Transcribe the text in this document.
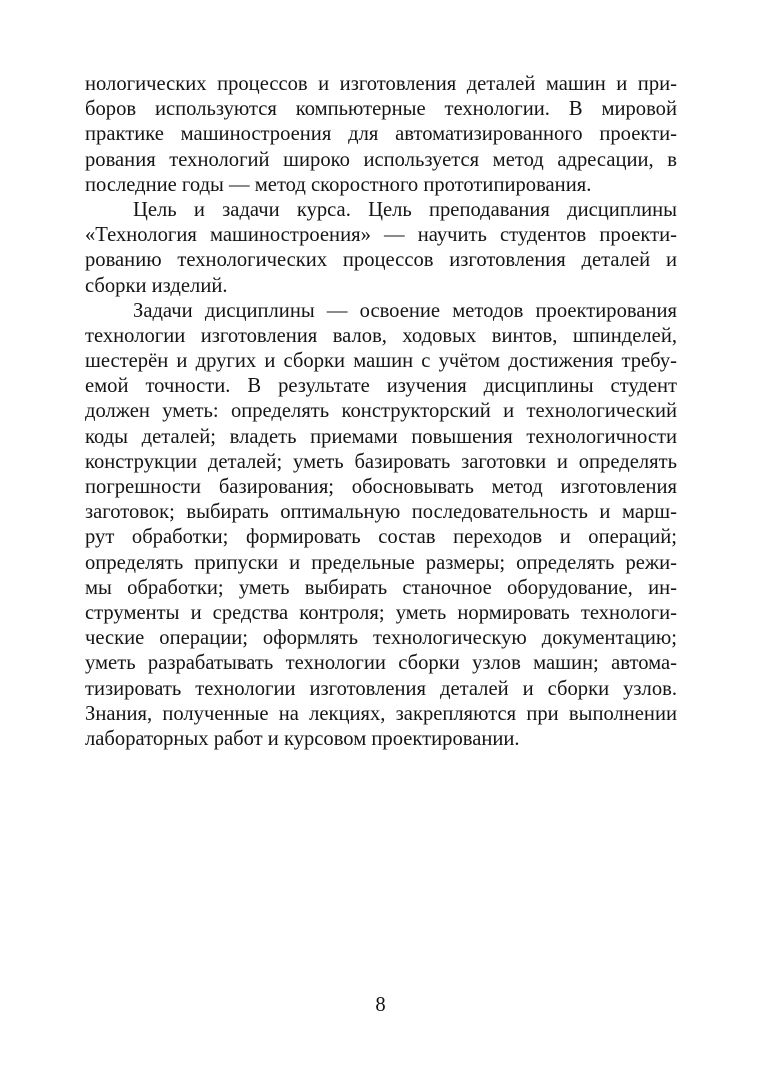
нологических процессов и изготовления деталей машин и при-
боров используются компьютерные технологии. В мировой
практике машиностроения для автоматизированного проекти-
рования технологий широко используется метод адресации, в
последние годы — метод скоростного прототипирования.
Цель и задачи курса. Цель преподавания дисциплины
«Технология машиностроения» — научить студентов проекти-
рованию технологических процессов изготовления деталей и
сборки изделий.
Задачи дисциплины — освоение методов проектирования
технологии изготовления валов, ходовых винтов, шпинделей,
шестерён и других и сборки машин с учётом достижения требу-
емой точности. В результате изучения дисциплины студент
должен уметь: определять конструкторский и технологический
коды деталей; владеть приемами повышения технологичности
конструкции деталей; уметь базировать заготовки и определять
погрешности базирования; обосновывать метод изготовления
заготовок; выбирать оптимальную последовательность и марш-
рут обработки; формировать состав переходов и операций;
определять припуски и предельные размеры; определять режи-
мы обработки; уметь выбирать станочное оборудование, ин-
струменты и средства контроля; уметь нормировать технологи-
ческие операции; оформлять технологическую документацию;
уметь разрабатывать технологии сборки узлов машин; автома-
тизировать технологии изготовления деталей и сборки узлов.
Знания, полученные на лекциях, закрепляются при выполнении
лабораторных работ и курсовом проектировании.
8
